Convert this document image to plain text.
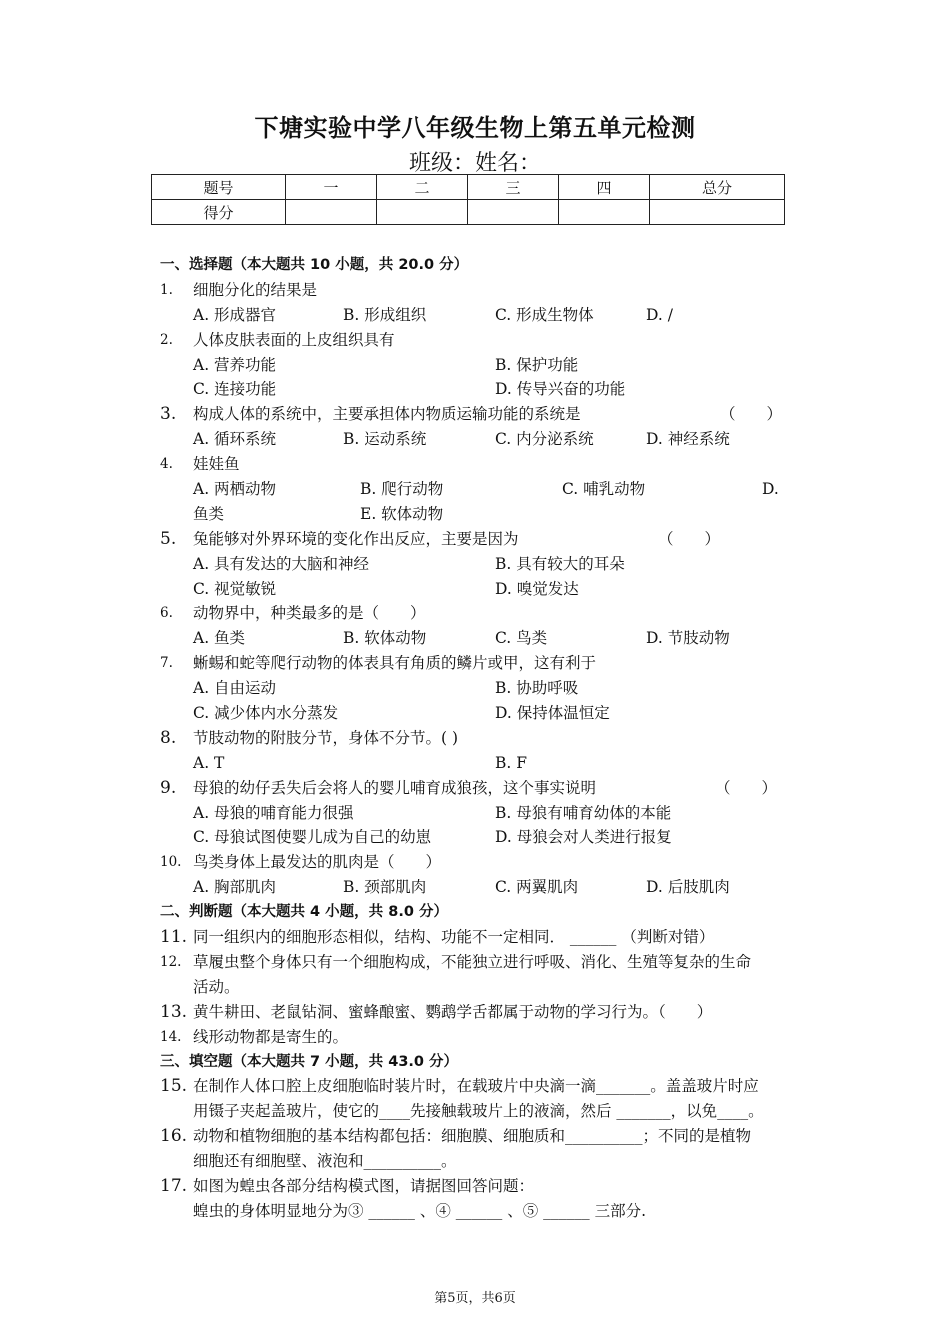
下塘实验中学八年级生物上第五单元检测
班级：姓名：
题号	一	二	三	四	总分
得分					
一、选择题（本大题共 10 小题，共 20.0 分）
1.	细胞分化的结果是
A. 形成器官	B. 形成组织	C. 形成生物体	D. /
2.	人体皮肤表面的上皮组织具有
A. 营养功能	B. 保护功能
C. 连接功能	D. 传导兴奋的功能
3.	构成人体的系统中，主要承担体内物质运输功能的系统是	（　　）
A. 循环系统	B. 运动系统	C. 内分泌系统	D. 神经系统
4.	娃娃鱼
A. 两栖动物	B. 爬行动物	C. 哺乳动物	D.
鱼类	E. 软体动物
5.	兔能够对外界环境的变化作出反应，主要是因为	（　　）
A. 具有发达的大脑和神经	B. 具有较大的耳朵
C. 视觉敏锐	D. 嗅觉发达
6.	动物界中，种类最多的是（　　）
A. 鱼类	B. 软体动物	C. 鸟类	D. 节肢动物
7.	蜥蜴和蛇等爬行动物的体表具有角质的鳞片或甲，这有利于
A. 自由运动	B. 协助呼吸
C. 减少体内水分蒸发	D. 保持体温恒定
8.	节肢动物的附肢分节，身体不分节。( )
A. T	B. F
9.	母狼的幼仔丢失后会将人的婴儿哺育成狼孩，这个事实说明	（　　）
A. 母狼的哺育能力很强	B. 母狼有哺育幼体的本能
C. 母狼试图使婴儿成为自己的幼崽	D. 母狼会对人类进行报复
10. 鸟类身体上最发达的肌肉是（　　）
A. 胸部肌肉	B. 颈部肌肉	C. 两翼肌肉	D. 后肢肌肉
二、判断题（本大题共 4 小题，共 8.0 分）
11. 同一组织内的细胞形态相似，结构、功能不一定相同． ______ （判断对错）
12. 草履虫整个身体只有一个细胞构成，不能独立进行呼吸、消化、生殖等复杂的生命
活动。
13. 黄牛耕田、老鼠钻洞、蜜蜂酿蜜、鹦鹉学舌都属于动物的学习行为。（　　）
14. 线形动物都是寄生的。
三、填空题（本大题共 7 小题，共 43.0 分）
15. 在制作人体口腔上皮细胞临时装片时，在载玻片中央滴一滴_______。盖盖玻片时应
用镊子夹起盖玻片，使它的____先接触载玻片上的液滴，然后 _______，以免____。
16. 动物和植物细胞的基本结构都包括：细胞膜、细胞质和__________；不同的是植物
细胞还有细胞壁、液泡和__________。
17. 如图为蝗虫各部分结构模式图，请据图回答问题：
蝗虫的身体明显地分为③ ______ 、④ ______ 、⑤ ______ 三部分.
第5页，共6页
